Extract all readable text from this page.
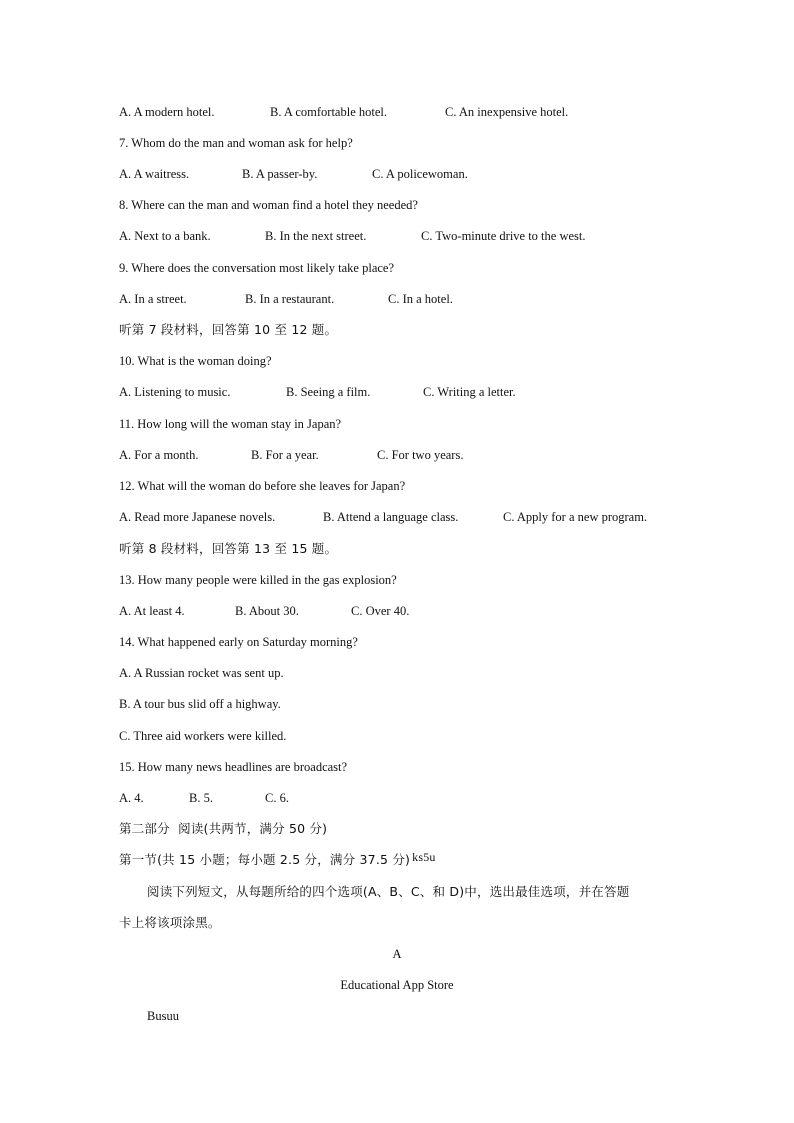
A. A modern hotel.	B. A comfortable hotel.	C. An inexpensive hotel.
7. Whom do the man and woman ask for help?
A. A waitress.	B. A passer-by.	C. A policewoman.
8. Where can the man and woman find a hotel they needed?
A. Next to a bank.	B. In the next street.	C. Two-minute drive to the west.
9. Where does the conversation most likely take place?
A. In a street.	B. In a restaurant.	C. In a hotel.
听第 7 段材料，回答第 10 至 12 题。
10. What is the woman doing?
A. Listening to music.	B. Seeing a film.	C. Writing a letter.
11. How long will the woman stay in Japan?
A. For a month.	B. For a year.	C. For two years.
12. What will the woman do before she leaves for Japan?
A. Read more Japanese novels.	B. Attend a language class.	C. Apply for a new program.
听第 8 段材料，回答第 13 至 15 题。
13. How many people were killed in the gas explosion?
A. At least 4.	B. About 30.	C. Over 40.
14. What happened early on Saturday morning?
A. A Russian rocket was sent up.
B. A tour bus slid off a highway.
C. Three aid workers were killed.
15. How many news headlines are broadcast?
A. 4.	B. 5.	C. 6.
第二部分  阅读(共两节，满分 50 分)
第一节(共 15 小题；每小题 2.5 分，满分 37.5 分) ks5u
阅读下列短文，从每题所给的四个选项(A、B、C、和 D)中，选出最佳选项，并在答题
卡上将该项涂黑。
A
Educational App Store
Busuu
